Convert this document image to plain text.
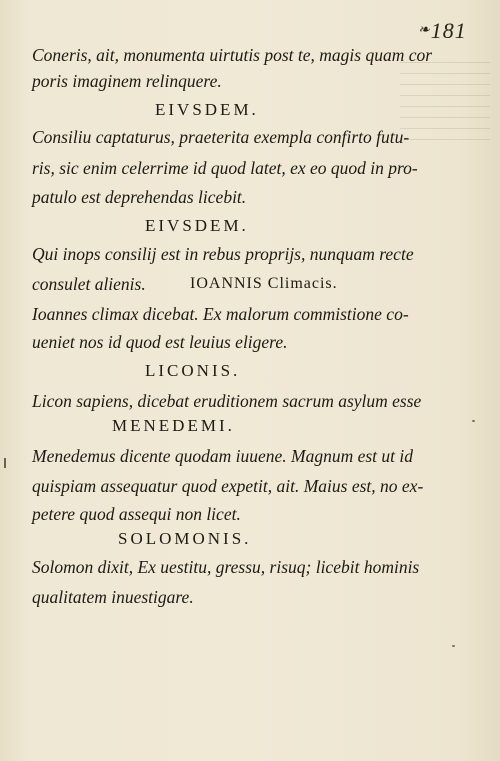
❧181
Coneris, ait, monumenta uirtutis post te, magis quam cor
poris imaginem relinquere.
EIVSDEM.
Consiliu captaturus, praeterita exempla confirto futu-
ris, sic enim celerrime id quod latet, ex eo quod in pro-
patulo est deprehendas licebit.
EIVSDEM.
Qui inops consilij est in rebus proprijs, nunquam recte
consulet alienis.	IOANNIS Climacis.
Ioannes climax dicebat. Ex malorum commistione co-
ueniet nos id quod est leuius eligere.
LICONIS.
Licon sapiens, dicebat eruditionem sacrum asylum esse
MENEDEMI.
Menedemus dicente quodam iuuene. Magnum est ut id
quispiam assequatur quod expetit, ait. Maius est, no ex-
petere quod assequi non licet.
SOLOMONIS.
Solomon dixit, Ex uestitu, gressu, risuq; licebit hominis
qualitatem inuestigare.
